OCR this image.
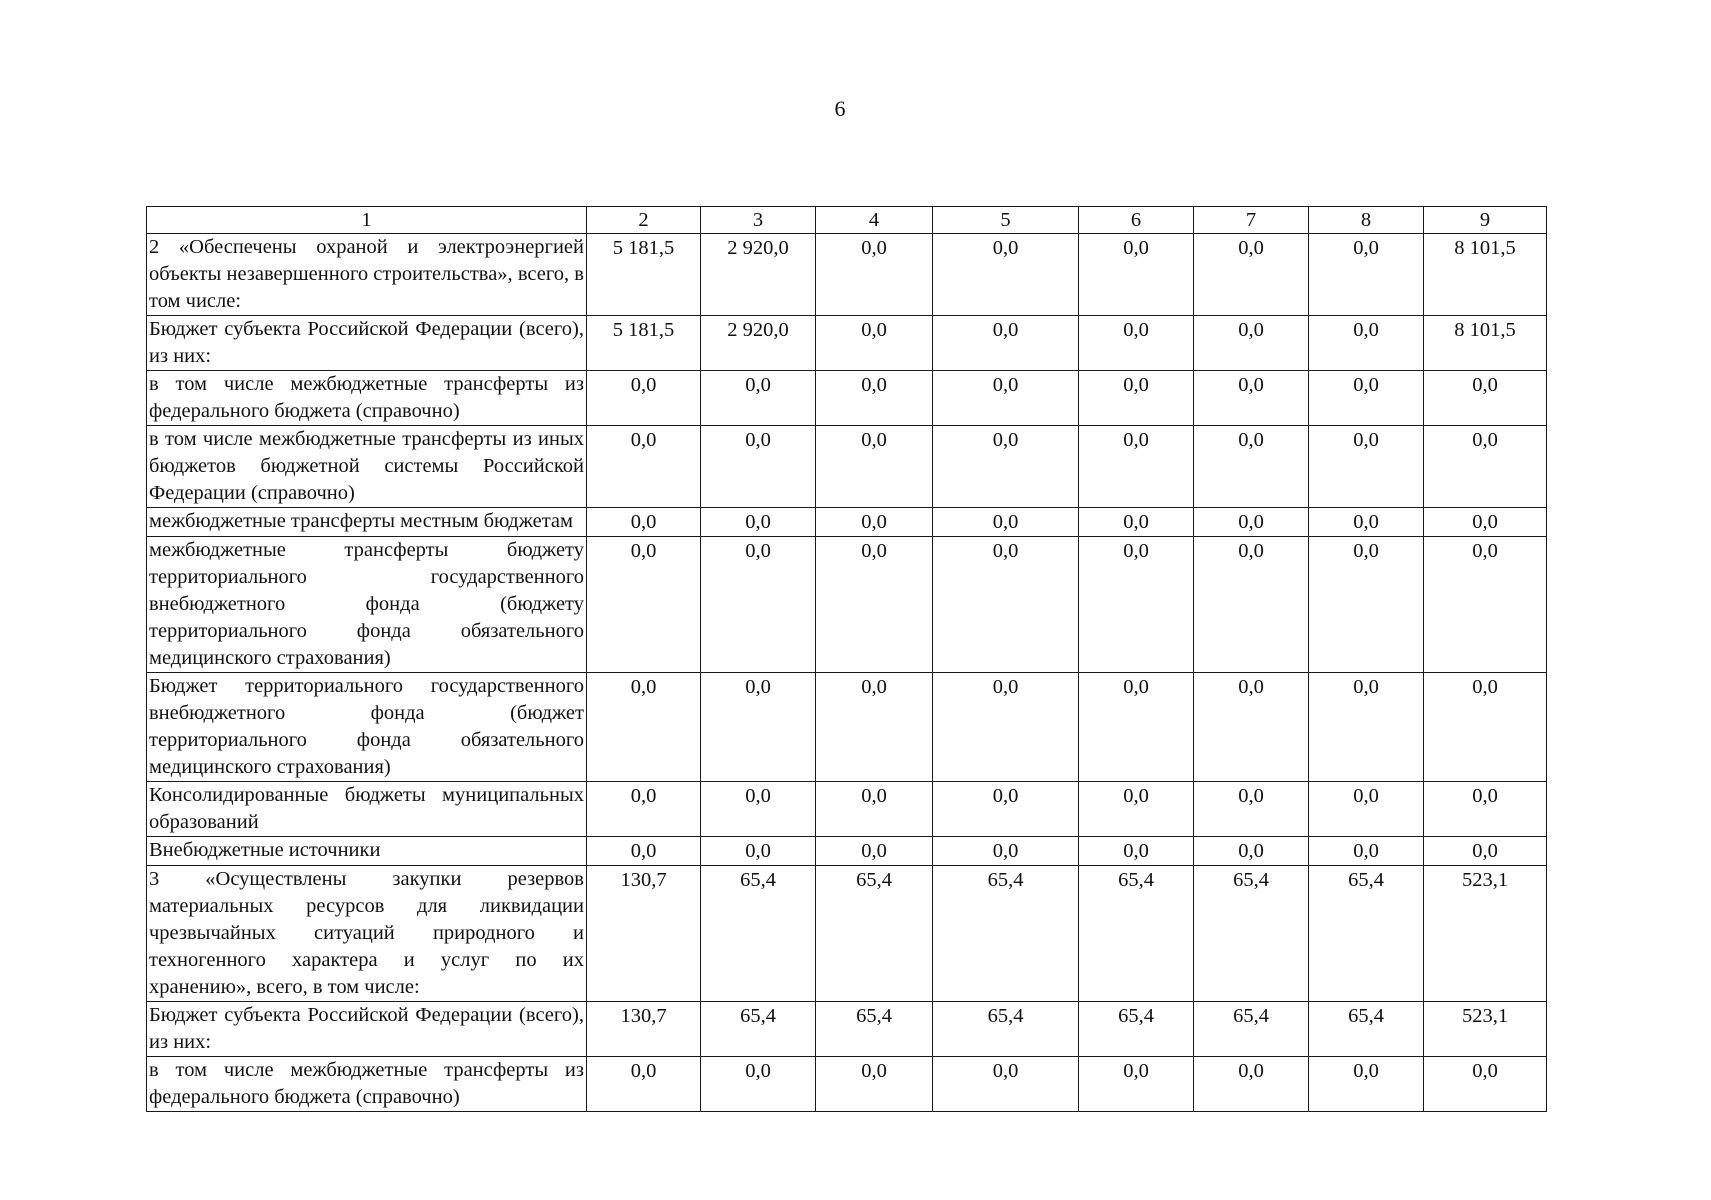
6
1	2	3	4	5	6	7	8	9
2 «Обеспечены охраной и электроэнергией объекты незавершенного строительства», всего, в том числе:	5 181,5	2 920,0	0,0	0,0	0,0	0,0	0,0	8 101,5
Бюджет субъекта Российской Федерации (всего), из них:	5 181,5	2 920,0	0,0	0,0	0,0	0,0	0,0	8 101,5
в том числе межбюджетные трансферты из федерального бюджета (справочно)	0,0	0,0	0,0	0,0	0,0	0,0	0,0	0,0
в том числе межбюджетные трансферты из иных бюджетов бюджетной системы Российской Федерации (справочно)	0,0	0,0	0,0	0,0	0,0	0,0	0,0	0,0
межбюджетные трансферты местным бюджетам	0,0	0,0	0,0	0,0	0,0	0,0	0,0	0,0
межбюджетные трансферты бюджету территориального государственного внебюджетного фонда (бюджету территориального фонда обязательного медицинского страхования)	0,0	0,0	0,0	0,0	0,0	0,0	0,0	0,0
Бюджет территориального государственного внебюджетного фонда (бюджет территориального фонда обязательного медицинского страхования)	0,0	0,0	0,0	0,0	0,0	0,0	0,0	0,0
Консолидированные бюджеты муниципальных образований	0,0	0,0	0,0	0,0	0,0	0,0	0,0	0,0
Внебюджетные источники	0,0	0,0	0,0	0,0	0,0	0,0	0,0	0,0
3 «Осуществлены закупки резервов материальных ресурсов для ликвидации чрезвычайных ситуаций природного и техногенного характера и услуг по их хранению», всего, в том числе:	130,7	65,4	65,4	65,4	65,4	65,4	65,4	523,1
Бюджет субъекта Российской Федерации (всего), из них:	130,7	65,4	65,4	65,4	65,4	65,4	65,4	523,1
в том числе межбюджетные трансферты из федерального бюджета (справочно)	0,0	0,0	0,0	0,0	0,0	0,0	0,0	0,0
